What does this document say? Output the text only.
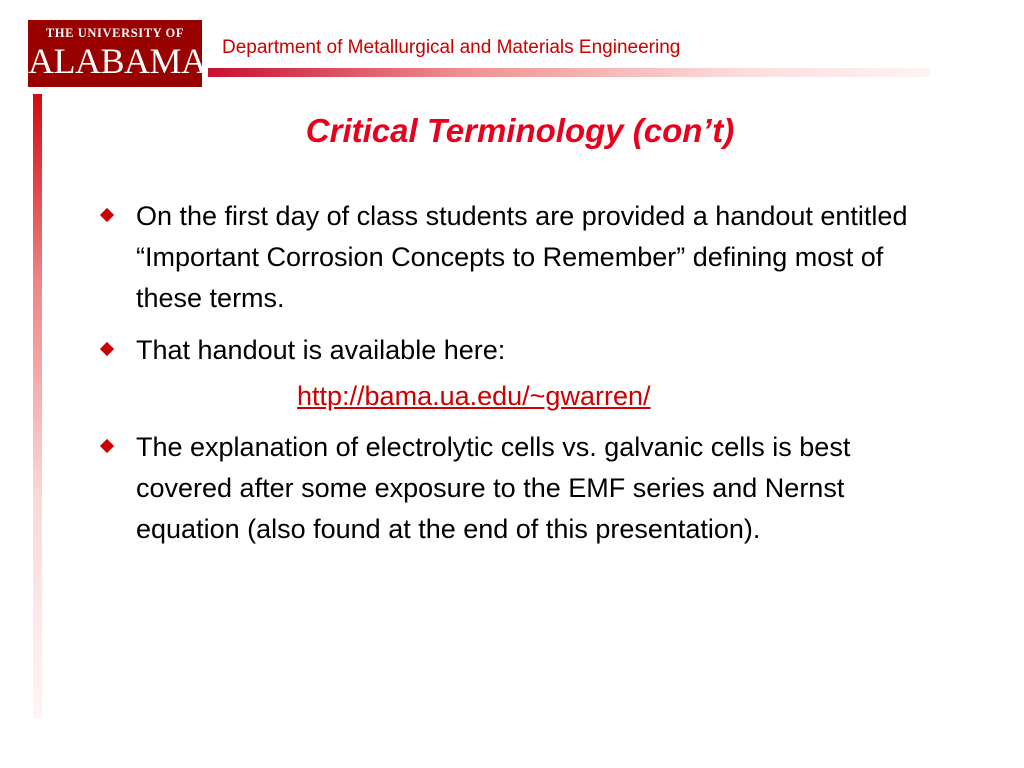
THE UNIVERSITY OF
ALABAMA Department of Metallurgical and Materials Engineering
Critical Terminology (con’t)
On the first day of class students are provided a handout entitled “Important Corrosion Concepts to Remember” defining most of these terms.
That handout is available here:
http://bama.ua.edu/~gwarren/
The explanation of electrolytic cells vs. galvanic cells is best covered after some exposure to the EMF series and Nernst equation (also found at the end of this presentation).
